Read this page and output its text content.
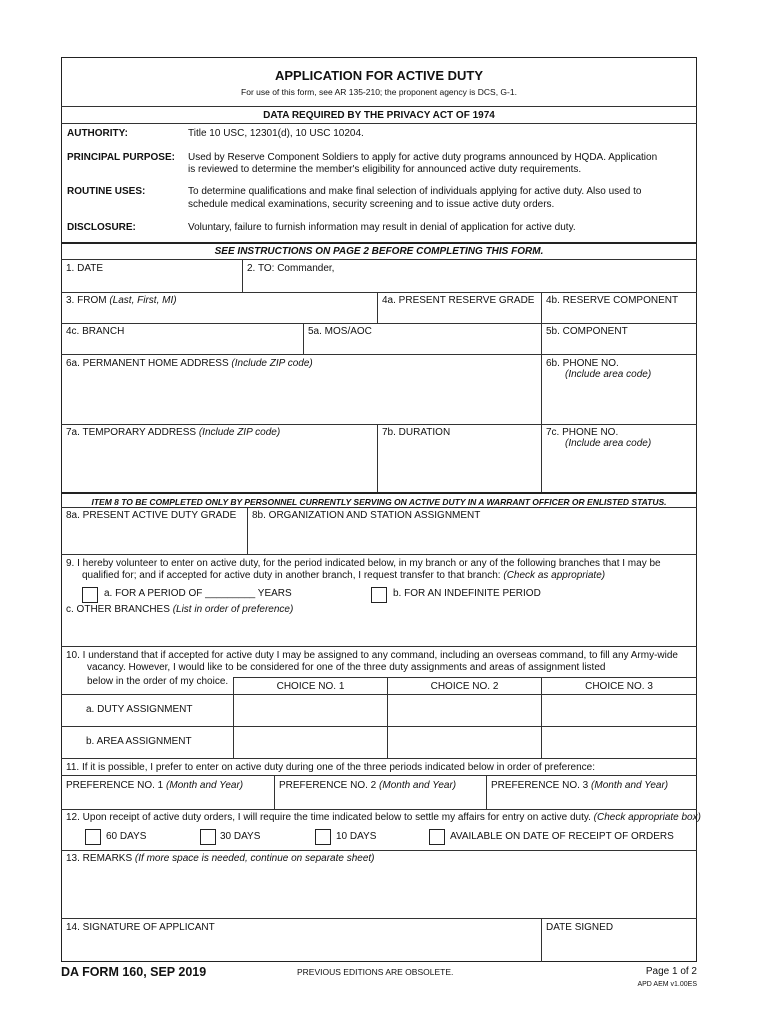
APPLICATION FOR ACTIVE DUTY
For use of this form, see AR 135-210; the proponent agency is DCS, G-1.
DATA REQUIRED BY THE PRIVACY ACT OF 1974
AUTHORITY:	Title 10 USC, 12301(d), 10 USC 10204.
PRINCIPAL PURPOSE: Used by Reserve Component Soldiers to apply for active duty programs announced by HQDA. Application
is reviewed to determine the member's eligibility for announced active duty requirements.
ROUTINE USES:	To determine qualifications and make final selection of individuals applying for active duty. Also used to
schedule medical examinations, security screening and to issue active duty orders.
DISCLOSURE:	Voluntary, failure to furnish information may result in denial of application for active duty.
SEE INSTRUCTIONS ON PAGE 2 BEFORE COMPLETING THIS FORM.
1. DATE	2. TO: Commander,
3. FROM (Last, First, MI)	4a. PRESENT RESERVE GRADE 4b. RESERVE COMPONENT
4c. BRANCH	5a. MOS/AOC	5b. COMPONENT
6a. PERMANENT HOME ADDRESS (Include ZIP code)	6b. PHONE NO.
(Include area code)
7a. TEMPORARY ADDRESS (Include ZIP code)	7b. DURATION	7c. PHONE NO.
(Include area code)
ITEM 8 TO BE COMPLETED ONLY BY PERSONNEL CURRENTLY SERVING ON ACTIVE DUTY IN A WARRANT OFFICER OR ENLISTED STATUS.
8a. PRESENT ACTIVE DUTY GRADE 8b. ORGANIZATION AND STATION ASSIGNMENT
9. I hereby volunteer to enter on active duty, for the period indicated below, in my branch or any of the following branches that I may be
qualified for; and if accepted for active duty in another branch, I request transfer to that branch: (Check as appropriate)
a. FOR A PERIOD OF _________ YEARS	b. FOR AN INDEFINITE PERIOD
c. OTHER BRANCHES (List in order of preference)
10. I understand that if accepted for active duty I may be assigned to any command, including an overseas command, to fill any Army-wide
vacancy. However, I would like to be considered for one of the three duty assignments and areas of assignment listed
below in the order of my choice.	CHOICE NO. 1	CHOICE NO. 2	CHOICE NO. 3
a. DUTY ASSIGNMENT
b. AREA ASSIGNMENT
11. If it is possible, I prefer to enter on active duty during one of the three periods indicated below in order of preference:
PREFERENCE NO. 1 (Month and Year)	PREFERENCE NO. 2 (Month and Year)	PREFERENCE NO. 3 (Month and Year)
12. Upon receipt of active duty orders, I will require the time indicated below to settle my affairs for entry on active duty. (Check appropriate box)
60 DAYS	30 DAYS	10 DAYS	AVAILABLE ON DATE OF RECEIPT OF ORDERS
13. REMARKS (If more space is needed, continue on separate sheet)
14. SIGNATURE OF APPLICANT	DATE SIGNED
DA FORM 160, SEP 2019	PREVIOUS EDITIONS ARE OBSOLETE.	Page 1 of 2
APD AEM v1.00ES
